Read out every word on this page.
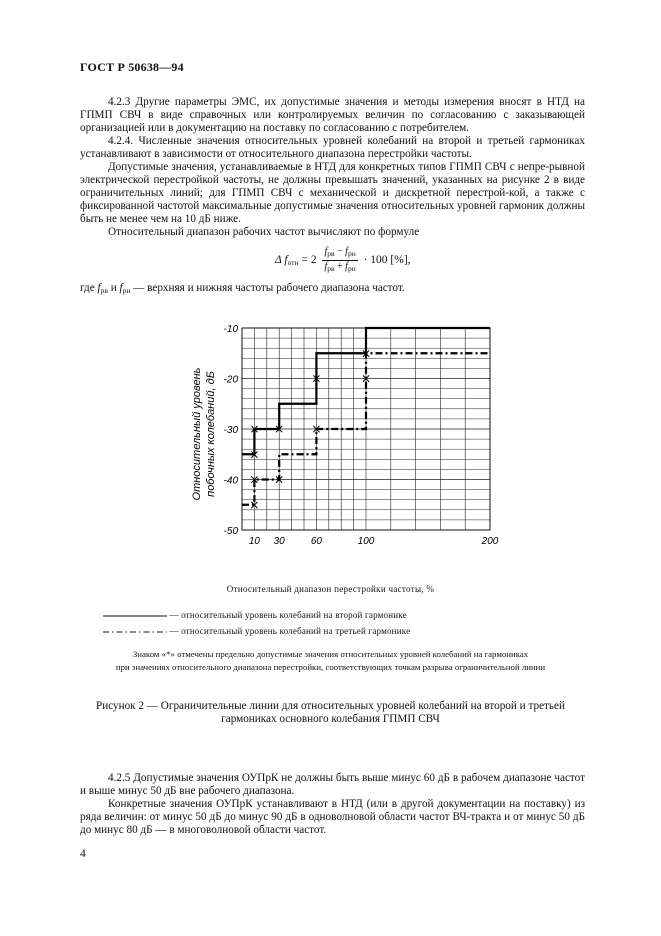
ГОСТ Р 50638—94

4.2.3 Другие параметры ЭМС, их допустимые значения и методы измерения вносят в НТД на ГПМП СВЧ в виде справочных или контролируемых величин по согласованию с заказывающей организацией или в документацию на поставку по согласованию с потребителем.

4.2.4. Численные значения относительных уровней колебаний на второй и третьей гармониках устанавливают в зависимости от относительного диапазона перестройки частоты.

Допустимые значения, устанавливаемые в НТД для конкретных типов ГПМП СВЧ с непре-рывной электрической перестройкой частоты, не должны превышать значений, указанных на рисунке 2 в виде ограничительных линий; для ГПМП СВЧ с механической и дискретной перестрой-кой, а также с фиксированной частотой максимальные допустимые значения относительных уровней гармоник должны быть не менее чем на 10 дБ ниже.

Относительный диапазон рабочих частот вычисляют по формуле

Δ $f_{отн} = 2 \frac{f_{рв} - f_{рн}}{f_{рв} + f_{рн}} \cdot 100$ [%],
где $f_{рв}$ и $f_{рн}$ — верхняя и нижняя частоты рабочего диапазона частот.
×
×
×
×
×
×
×
×
×
×
-10
-20
-30
-40
-50
10 30	60	100	200
Относительный уровень побочных колебаний, дБ
Относительный диапазон перестройки частоты, %
— относительный уровень колебаний на второй гармонике
— относительный уровень колебаний на третьей гармонике
Знаком «*» отмечены предельно допустимые значения относительных уровней колебаний на гармониках
при значениях относительного диапазона перестройки, соответствующих точкам разрыва ограничительной линии
Рисунок 2 — Ограничительные линии для относительных уровней колебаний на второй и третьей
гармониках основного колебания ГПМП СВЧ

4.2.5 Допустимые значения ОУПрК не должны быть выше минус 60 дБ в рабочем диапазоне частот и выше минус 50 дБ вне рабочего диапазона.

Конкретные значения ОУПрК устанавливают в НТД (или в другой документации на поставку) из ряда величин: от минус 50 дБ до минус 90 дБ в одноволновой области частот ВЧ-тракта и от минус 50 дБ до минус 80 дБ — в многоволновой области частот.

4
